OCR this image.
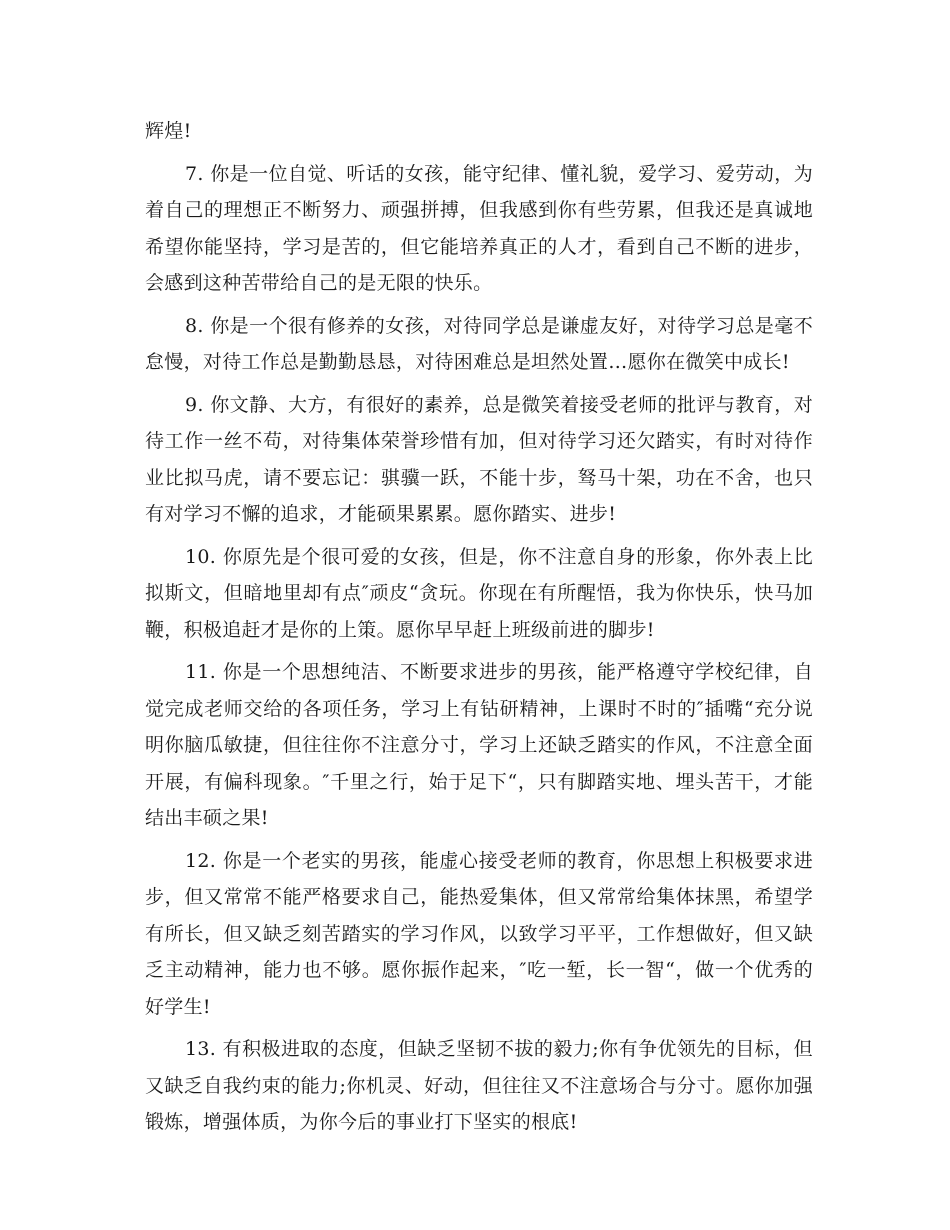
辉煌!

7. 你是一位自觉、听话的女孩，能守纪律、懂礼貌，爱学习、爱劳动，为着自己的理想正不断努力、顽强拼搏，但我感到你有些劳累，但我还是真诚地希望你能坚持，学习是苦的，但它能培养真正的人才，看到自己不断的进步，会感到这种苦带给自己的是无限的快乐。

8. 你是一个很有修养的女孩，对待同学总是谦虚友好，对待学习总是毫不怠慢，对待工作总是勤勤恳恳，对待困难总是坦然处置…愿你在微笑中成长!

9. 你文静、大方，有很好的素养，总是微笑着接受老师的批评与教育，对待工作一丝不苟，对待集体荣誉珍惜有加，但对待学习还欠踏实，有时对待作业比拟马虎，请不要忘记：骐骥一跃，不能十步，驽马十架，功在不舍，也只有对学习不懈的追求，才能硕果累累。愿你踏实、进步!

10. 你原先是个很可爱的女孩，但是，你不注意自身的形象，你外表上比拟斯文，但暗地里却有点″顽皮“贪玩。你现在有所醒悟，我为你快乐，快马加鞭，积极追赶才是你的上策。愿你早早赶上班级前进的脚步!

11. 你是一个思想纯洁、不断要求进步的男孩，能严格遵守学校纪律，自觉完成老师交给的各项任务，学习上有钻研精神，上课时不时的″插嘴“充分说明你脑瓜敏捷，但往往你不注意分寸，学习上还缺乏踏实的作风，不注意全面开展，有偏科现象。″千里之行，始于足下“，只有脚踏实地、埋头苦干，才能结出丰硕之果!

12. 你是一个老实的男孩，能虚心接受老师的教育，你思想上积极要求进步，但又常常不能严格要求自己，能热爱集体，但又常常给集体抹黑，希望学有所长，但又缺乏刻苦踏实的学习作风，以致学习平平，工作想做好，但又缺乏主动精神，能力也不够。愿你振作起来，″吃一堑，长一智“，做一个优秀的好学生!

13. 有积极进取的态度，但缺乏坚韧不拔的毅力;你有争优领先的目标，但又缺乏自我约束的能力;你机灵、好动，但往往又不注意场合与分寸。愿你加强锻炼，增强体质，为你今后的事业打下坚实的根底!
